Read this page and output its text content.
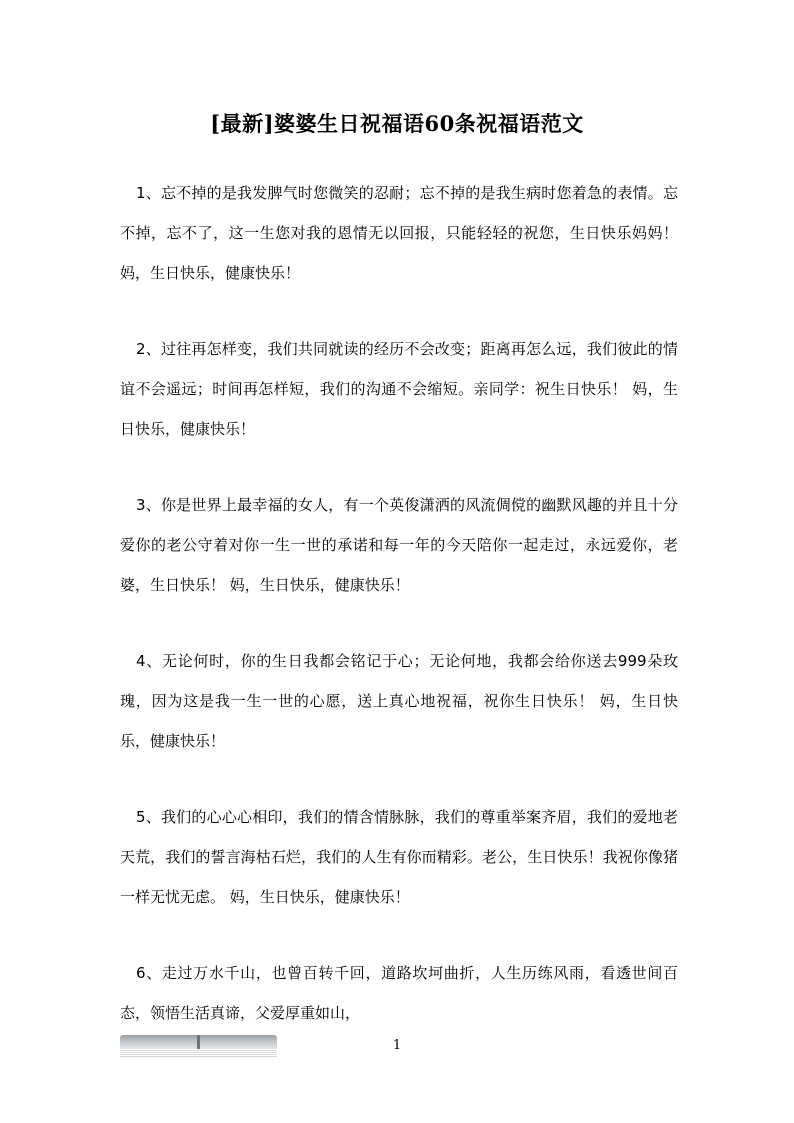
[最新]婆婆生日祝福语60条祝福语范文
1、忘不掉的是我发脾气时您微笑的忍耐；忘不掉的是我生病时您着急的表情。忘不掉，忘不了，这一生您对我的恩情无以回报，只能轻轻的祝您，生日快乐妈妈！ 妈，生日快乐，健康快乐！
2、过往再怎样变，我们共同就读的经历不会改变；距离再怎么远，我们彼此的情谊不会遥远；时间再怎样短，我们的沟通不会缩短。亲同学：祝生日快乐！ 妈，生日快乐，健康快乐！
3、你是世界上最幸福的女人，有一个英俊潇洒的风流倜傥的幽默风趣的并且十分爱你的老公守着对你一生一世的承诺和每一年的今天陪你一起走过，永远爱你，老婆，生日快乐！ 妈，生日快乐，健康快乐！
4、无论何时，你的生日我都会铭记于心；无论何地，我都会给你送去999朵玫瑰，因为这是我一生一世的心愿，送上真心地祝福，祝你生日快乐！ 妈，生日快乐，健康快乐！
5、我们的心心心相印，我们的情含情脉脉，我们的尊重举案齐眉，我们的爱地老天荒，我们的誓言海枯石烂，我们的人生有你而精彩。老公，生日快乐！我祝你像猪一样无忧无虑。 妈，生日快乐，健康快乐！
6、走过万水千山，也曾百转千回，道路坎坷曲折，人生历练风雨，看透世间百态，领悟生活真谛，父爱厚重如山，
1
